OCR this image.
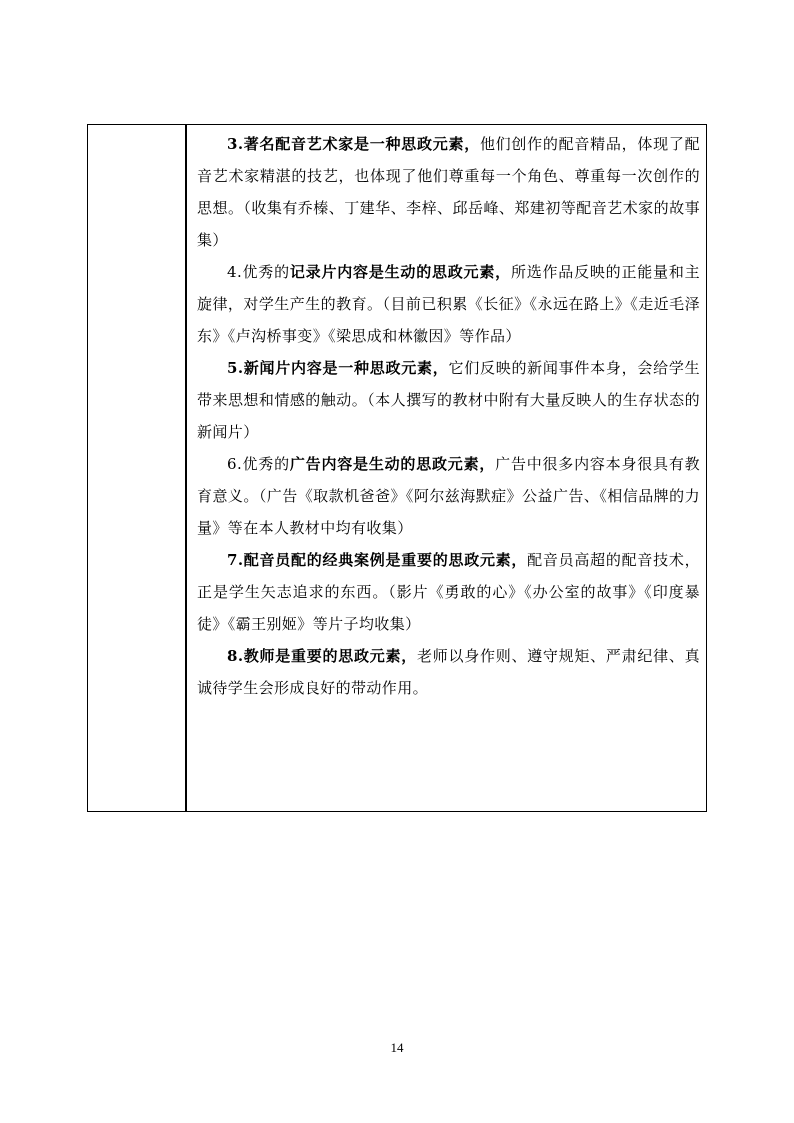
3.著名配音艺术家是一种思政元素，他们创作的配音精品，体现了配音艺术家精湛的技艺，也体现了他们尊重每一个角色、尊重每一次创作的思想。（收集有乔榛、丁建华、李梓、邱岳峰、郑建初等配音艺术家的故事集）

4.优秀的记录片内容是生动的思政元素，所选作品反映的正能量和主旋律，对学生产生的教育。（目前已积累《长征》《永远在路上》《走近毛泽东》《卢沟桥事变》《梁思成和林徽因》等作品）

5.新闻片内容是一种思政元素，它们反映的新闻事件本身，会给学生带来思想和情感的触动。（本人撰写的教材中附有大量反映人的生存状态的新闻片）

6.优秀的广告内容是生动的思政元素，广告中很多内容本身很具有教育意义。（广告《取款机爸爸》《阿尔兹海默症》公益广告、《相信品牌的力量》等在本人教材中均有收集）

7.配音员配的经典案例是重要的思政元素，配音员高超的配音技术，正是学生矢志追求的东西。（影片《勇敢的心》《办公室的故事》《印度暴徒》《霸王别姬》等片子均收集）

8.教师是重要的思政元素，老师以身作则、遵守规矩、严肃纪律、真诚待学生会形成良好的带动作用。

14
